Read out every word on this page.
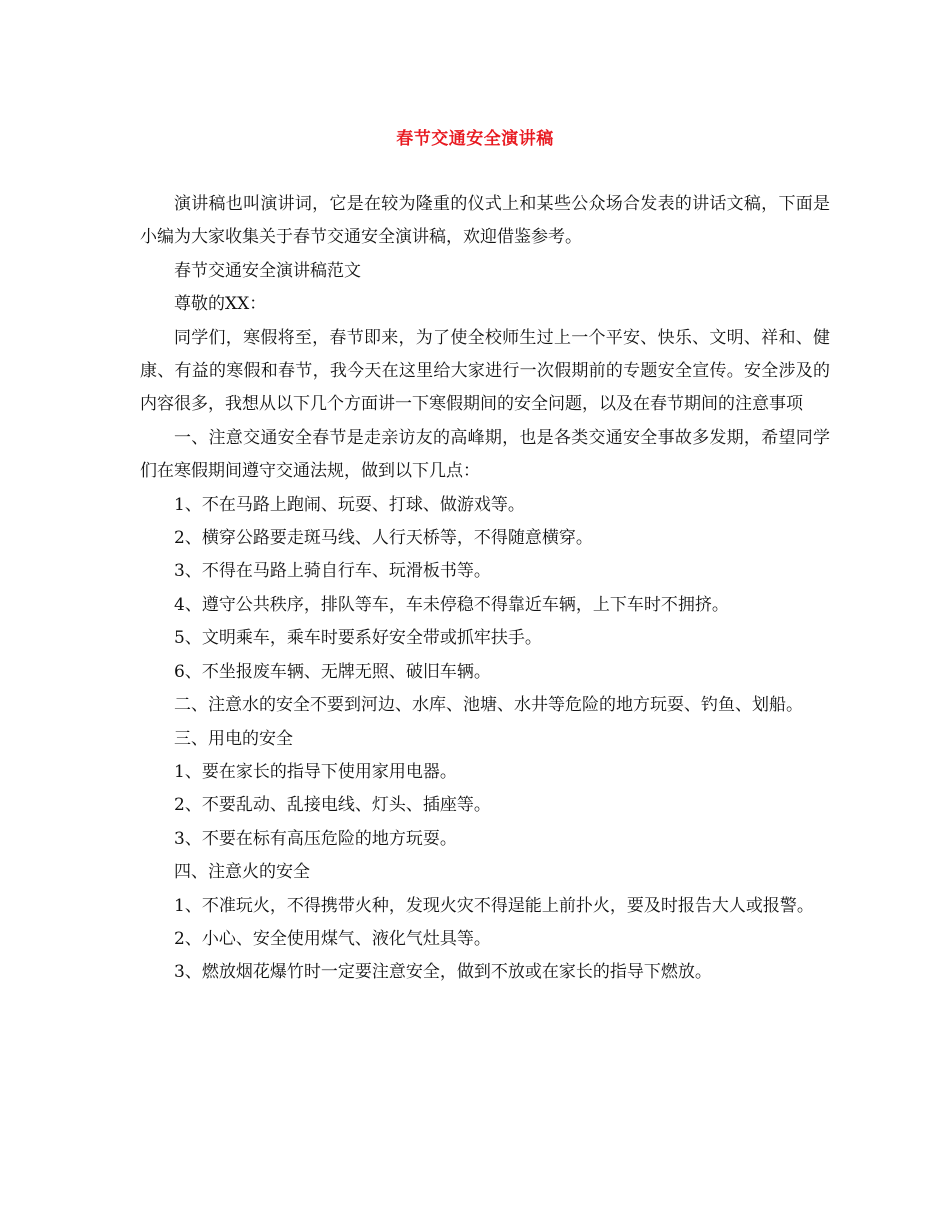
春节交通安全演讲稿

演讲稿也叫演讲词，它是在较为隆重的仪式上和某些公众场合发表的讲话文稿，下面是小编为大家收集关于春节交通安全演讲稿，欢迎借鉴参考。

春节交通安全演讲稿范文

尊敬的XX：

同学们，寒假将至，春节即来，为了使全校师生过上一个平安、快乐、文明、祥和、健康、有益的寒假和春节，我今天在这里给大家进行一次假期前的专题安全宣传。安全涉及的内容很多，我想从以下几个方面讲一下寒假期间的安全问题，以及在春节期间的注意事项

一、注意交通安全春节是走亲访友的高峰期，也是各类交通安全事故多发期，希望同学们在寒假期间遵守交通法规，做到以下几点：

1、不在马路上跑闹、玩耍、打球、做游戏等。

2、横穿公路要走斑马线、人行天桥等，不得随意横穿。

3、不得在马路上骑自行车、玩滑板书等。

4、遵守公共秩序，排队等车，车未停稳不得靠近车辆，上下车时不拥挤。

5、文明乘车，乘车时要系好安全带或抓牢扶手。

6、不坐报废车辆、无牌无照、破旧车辆。

二、注意水的安全不要到河边、水库、池塘、水井等危险的地方玩耍、钓鱼、划船。

三、用电的安全

1、要在家长的指导下使用家用电器。

2、不要乱动、乱接电线、灯头、插座等。

3、不要在标有高压危险的地方玩耍。

四、注意火的安全

1、不准玩火，不得携带火种，发现火灾不得逞能上前扑火，要及时报告大人或报警。

2、小心、安全使用煤气、液化气灶具等。

3、燃放烟花爆竹时一定要注意安全，做到不放或在家长的指导下燃放。
